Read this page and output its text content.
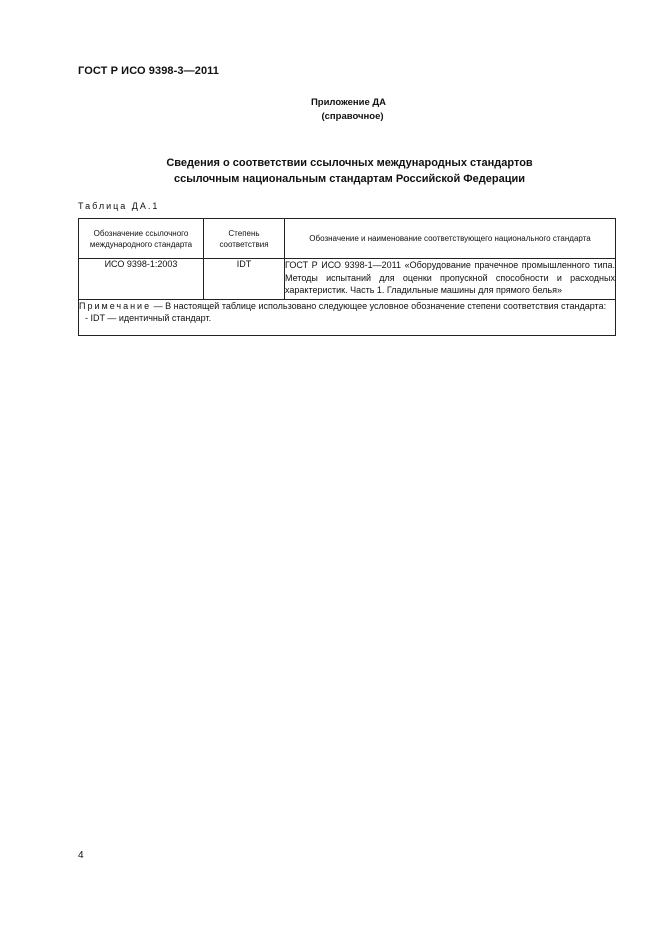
ГОСТ Р ИСО 9398-3—2011
Приложение ДА
(справочное)
Сведения о соответствии ссылочных международных стандартов
ссылочным национальным стандартам Российской Федерации
Таблица ДА.1
Обозначение ссылочного международного стандарта	Степень соответствия	Обозначение и наименование соответствующего национального стандарта
ИСО 9398-1:2003	IDT	ГОСТ Р ИСО 9398-1—2011 «Оборудование прачечное промышленного типа. Методы испытаний для оценки пропускной способности и расходных характеристик. Часть 1. Гладильные машины для прямого белья»

Примечание — В настоящей таблице использовано следующее условное обозначение степени соответствия стандарта:
- IDT — идентичный стандарт.		
4
